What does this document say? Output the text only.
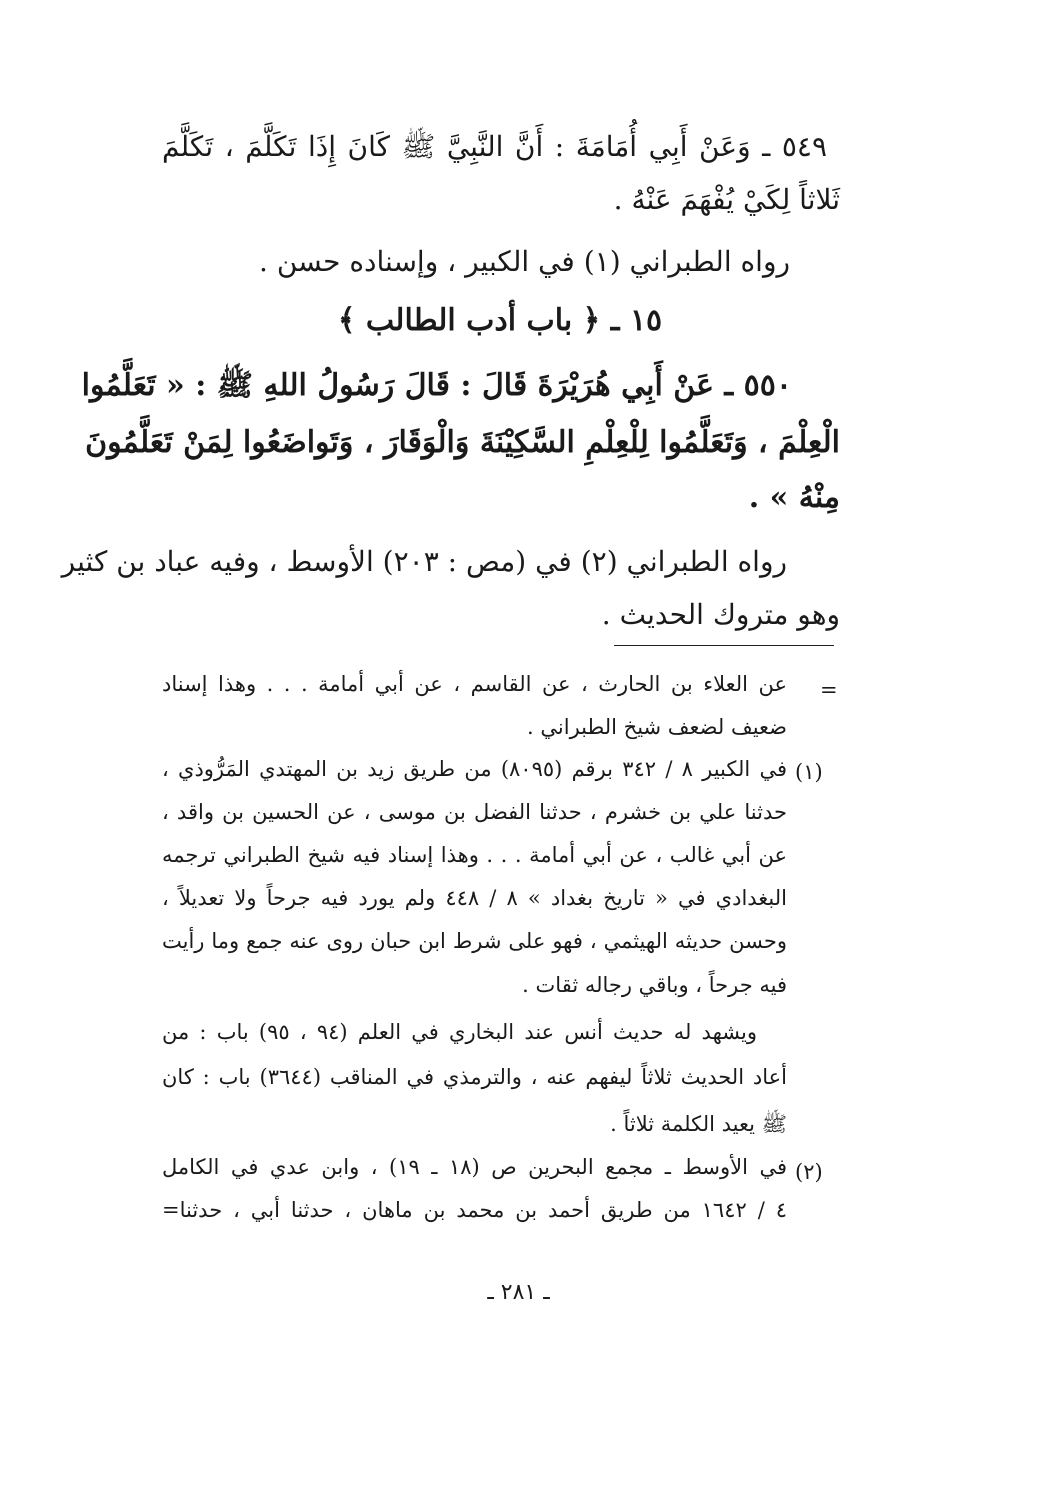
٥٤٩ ـ وَعَنْ أَبِي أُمَامَةَ : أَنَّ النَّبِيَّ ﷺ كَانَ إِذَا تَكَلَّمَ ، تَكَلَّمَ
ثَلاثاً لِكَيْ يُفْهَمَ عَنْهُ .
رواه الطبراني (١) في الكبير ، وإسناده حسن .
١٥ ـ ﴿ باب أدب الطالب ﴾
٥٥٠ ـ عَنْ أَبِي هُرَيْرَةَ قَالَ : قَالَ رَسُولُ اللهِ ﷺ : « تَعَلَّمُوا
الْعِلْمَ ، وَتَعَلَّمُوا لِلْعِلْمِ السَّكِيْنَةَ وَالْوَقَارَ ، وَتَواضَعُوا لِمَنْ تَعَلَّمُونَ
مِنْهُ » .
رواه الطبراني (٢) في (مص : ٢٠٣) الأوسط ، وفيه عباد بن كثير
وهو متروك الحديث .
=
عن العلاء بن الحارث ، عن القاسم ، عن أبي أمامة . . . وهذا إسناد
ضعيف لضعف شيخ الطبراني .
(١)
في الكبير ٨ / ٣٤٢ برقم (٨٠٩٥) من طريق زيد بن المهتدي المَرُّوذي ،
حدثنا علي بن خشرم ، حدثنا الفضل بن موسى ، عن الحسين بن واقد ،
عن أبي غالب ، عن أبي أمامة . . . وهذا إسناد فيه شيخ الطبراني ترجمه
البغدادي في « تاريخ بغداد » ٨ / ٤٤٨ ولم يورد فيه جرحاً ولا تعديلاً ،
وحسن حديثه الهيثمي ، فهو على شرط ابن حبان روى عنه جمع وما رأيت
فيه جرحاً ، وباقي رجاله ثقات .
ويشهد له حديث أنس عند البخاري في العلم (٩٤ ، ٩٥) باب : من
أعاد الحديث ثلاثاً ليفهم عنه ، والترمذي في المناقب (٣٦٤٤) باب : كان
ﷺ يعيد الكلمة ثلاثاً .
(٢)
في الأوسط ـ مجمع البحرين ص (١٨ ـ ١٩) ، وابن عدي في الكامل
٤ / ١٦٤٢ من طريق أحمد بن محمد بن ماهان ، حدثنا أبي ، حدثنا=
ـ ٢٨١ ـ
